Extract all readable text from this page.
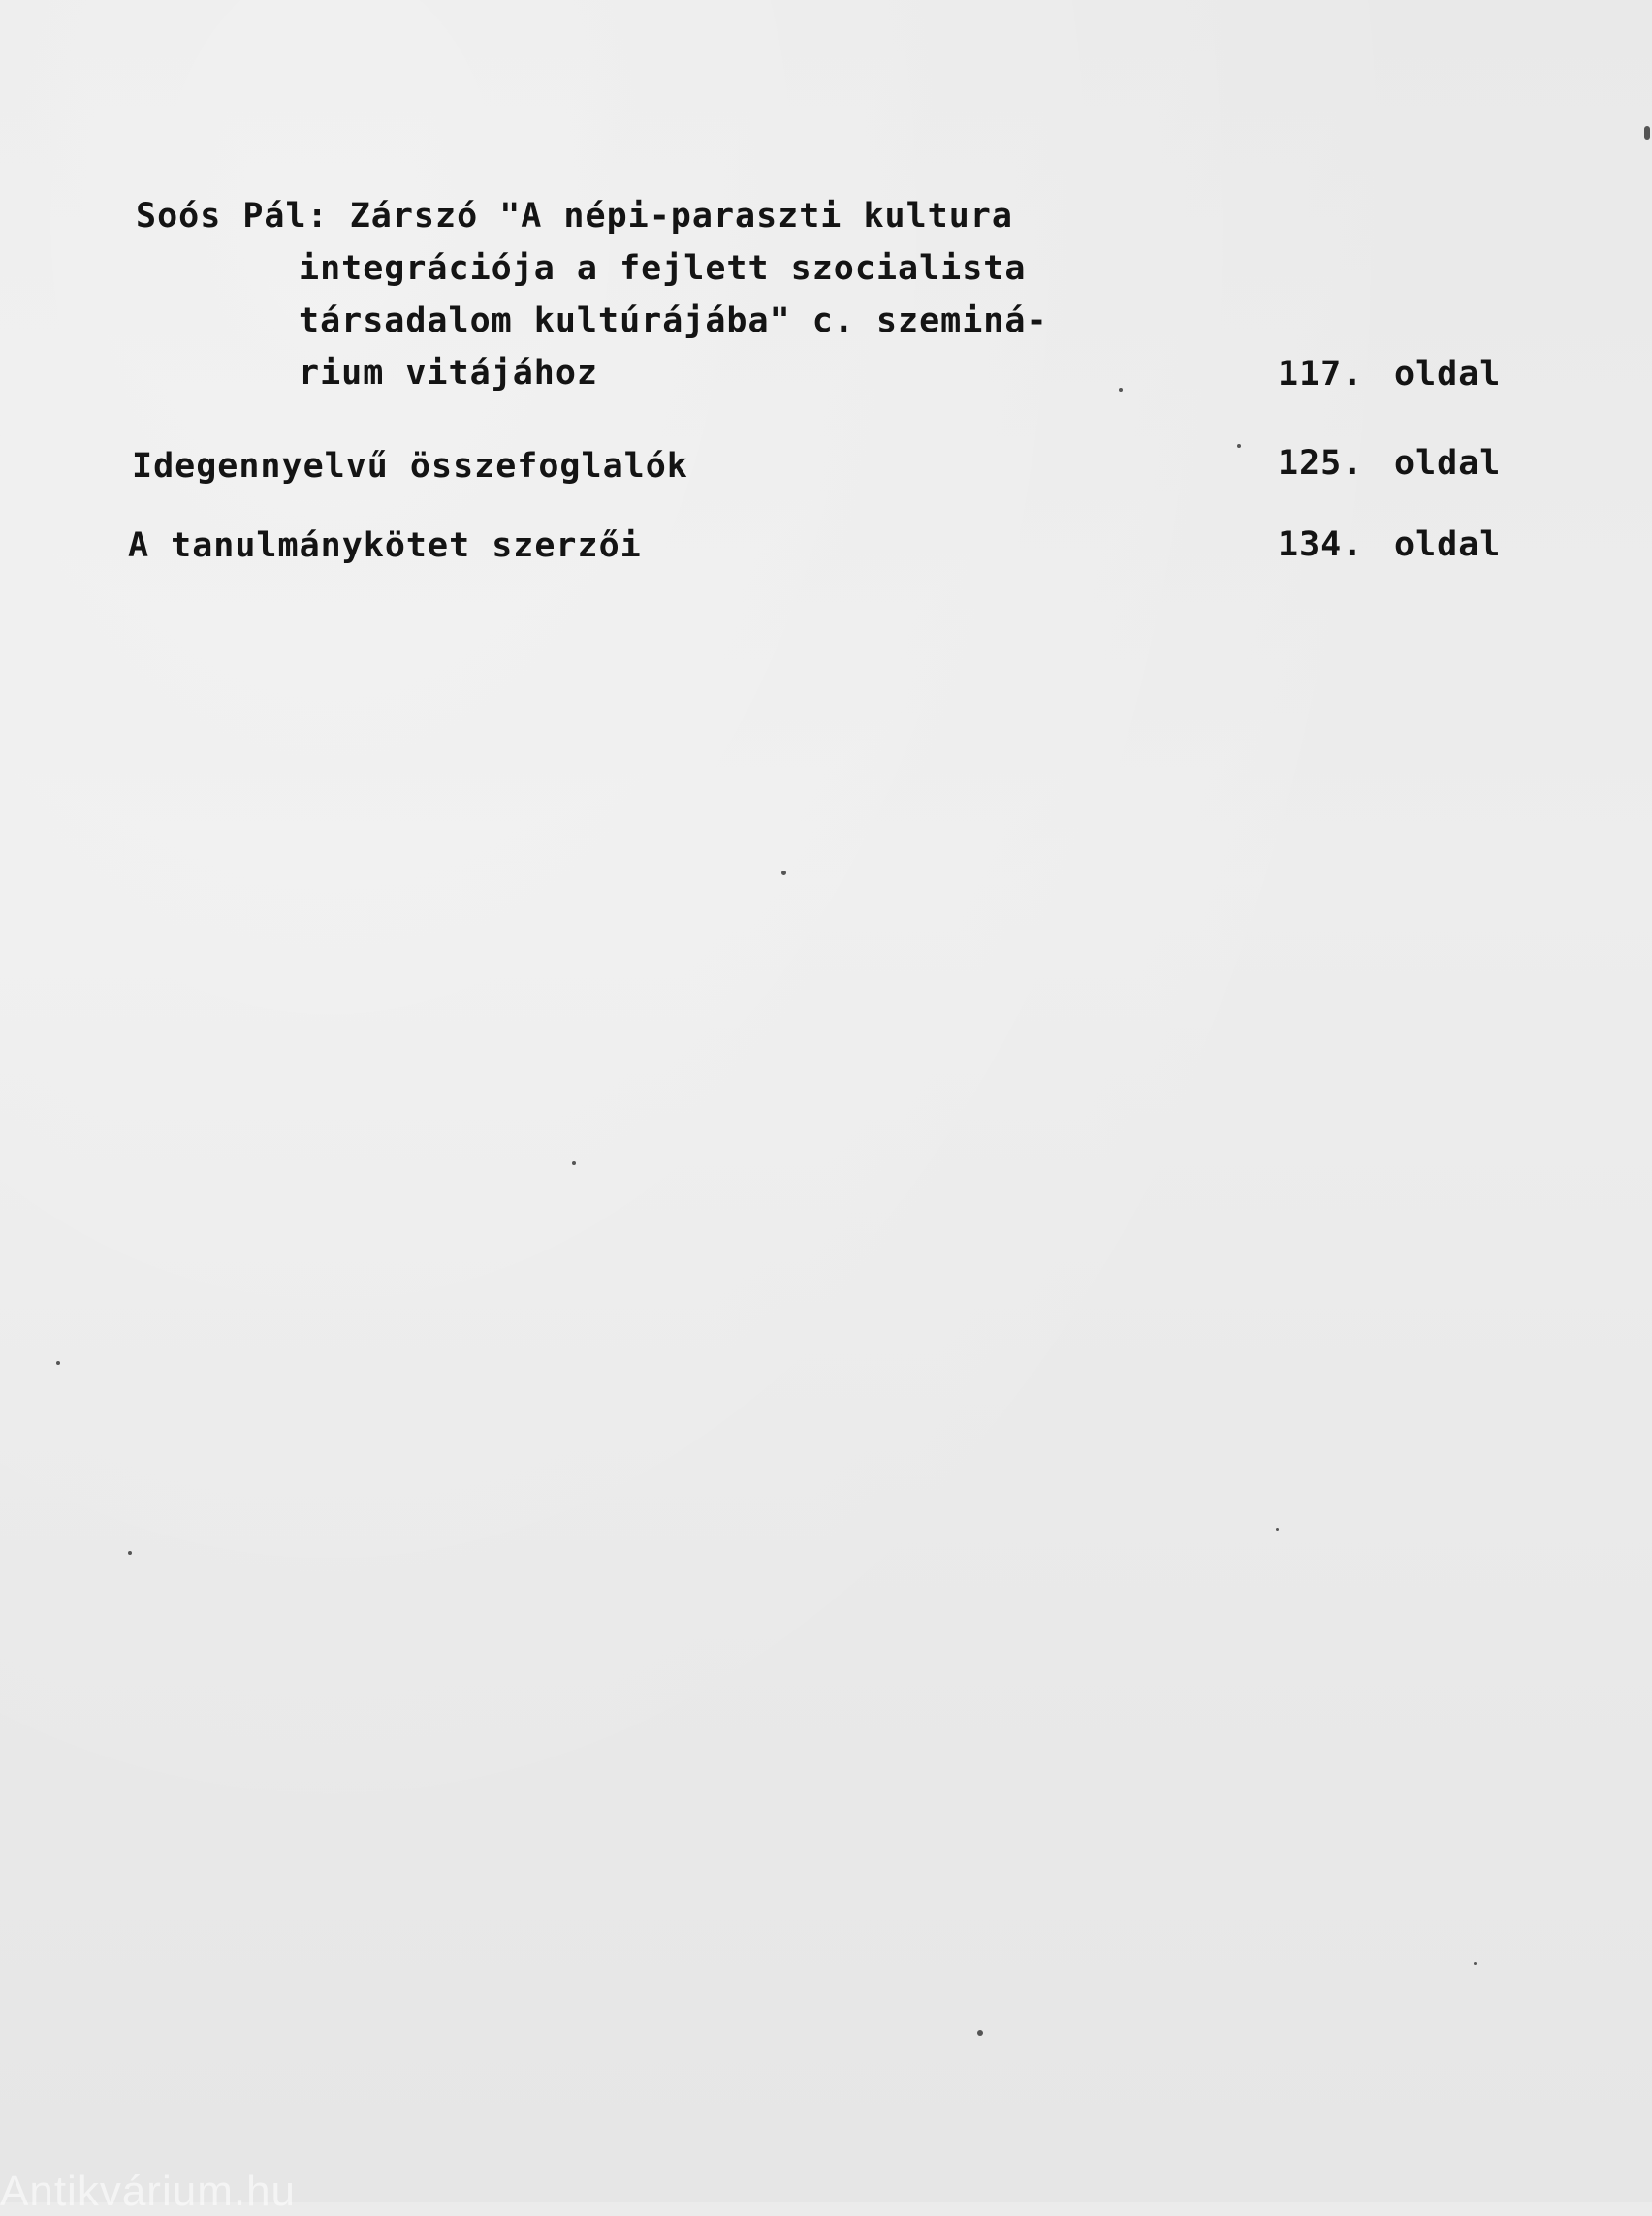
Soós Pál: Zárszó "A népi-paraszti kultura
integrációja a fejlett szocialista
társadalom kultúrájába" c. szeminá-
rium vitájához	117. oldal
Idegennyelvű összefoglalók	125. oldal
A tanulmánykötet szerzői	134. oldal
Antikvárium.hu
